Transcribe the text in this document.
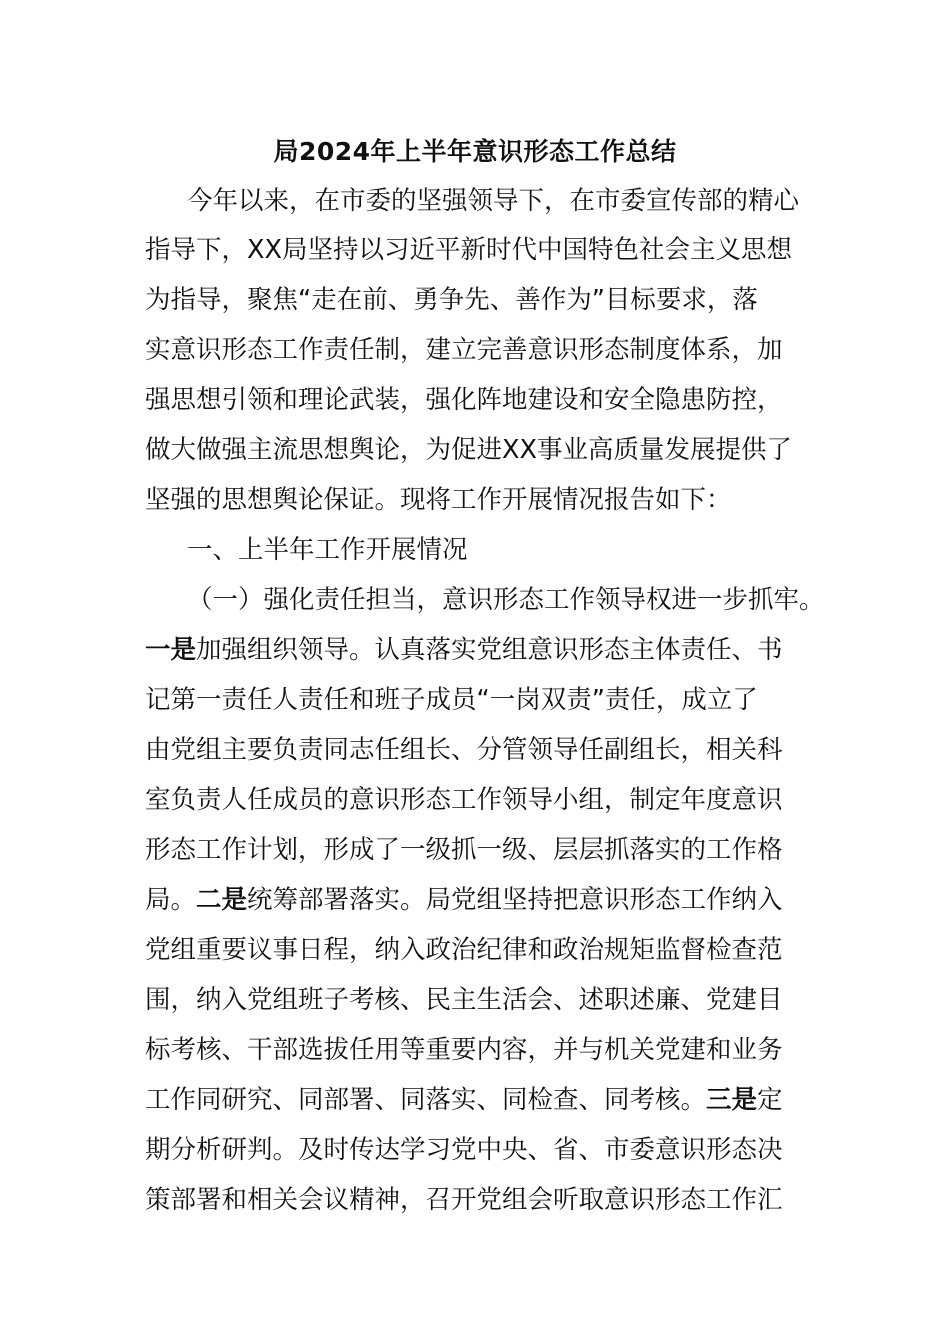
局2024年上半年意识形态工作总结
今年以来，在市委的坚强领导下，在市委宣传部的精心
指导下，XX局坚持以习近平新时代中国特色社会主义思想
为指导，聚焦“走在前、勇争先、善作为”目标要求，落
实意识形态工作责任制，建立完善意识形态制度体系，加
强思想引领和理论武装，强化阵地建设和安全隐患防控，
做大做强主流思想舆论，为促进XX事业高质量发展提供了
坚强的思想舆论保证。现将工作开展情况报告如下：
一、上半年工作开展情况
（一）强化责任担当，意识形态工作领导权进一步抓牢。
一是加强组织领导。认真落实党组意识形态主体责任、书
记第一责任人责任和班子成员“一岗双责”责任，成立了
由党组主要负责同志任组长、分管领导任副组长，相关科
室负责人任成员的意识形态工作领导小组，制定年度意识
形态工作计划，形成了一级抓一级、层层抓落实的工作格
局。二是统筹部署落实。局党组坚持把意识形态工作纳入
党组重要议事日程，纳入政治纪律和政治规矩监督检查范
围，纳入党组班子考核、民主生活会、述职述廉、党建目
标考核、干部选拔任用等重要内容，并与机关党建和业务
工作同研究、同部署、同落实、同检查、同考核。三是定
期分析研判。及时传达学习党中央、省、市委意识形态决
策部署和相关会议精神，召开党组会听取意识形态工作汇
